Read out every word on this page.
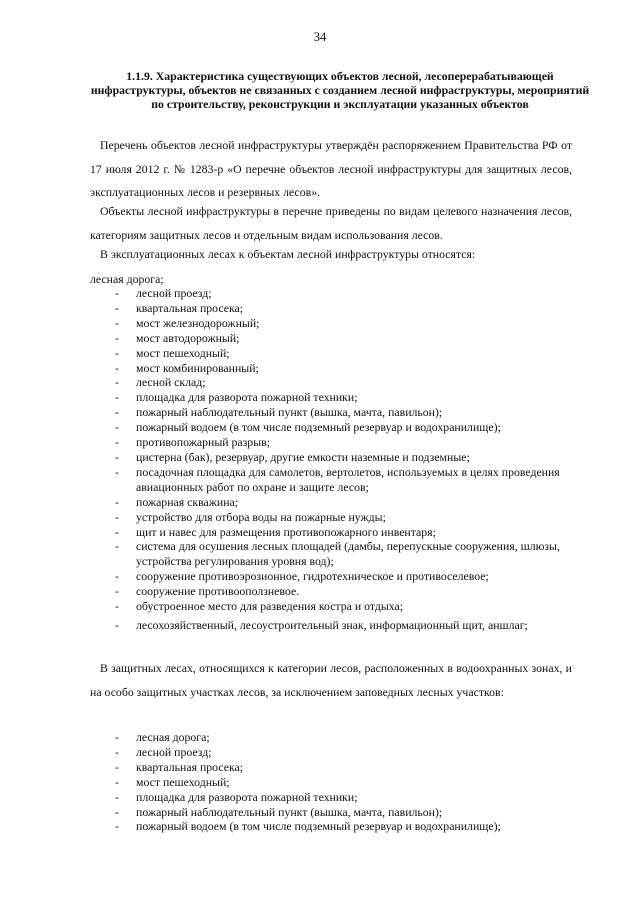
34
1.1.9. Характеристика существующих объектов лесной, лесоперерабатывающей инфраструктуры, объектов не связанных с созданием лесной инфраструктуры, мероприятий по строительству, реконструкции и эксплуатации указанных объектов
Перечень объектов лесной инфраструктуры утверждён распоряжением Правительства РФ от 17 июля 2012 г. № 1283-р «О перечне объектов лесной инфраструктуры для защитных лесов, эксплуатационных лесов и резервных лесов».
Объекты лесной инфраструктуры в перечне приведены по видам целевого назначения лесов, категориям защитных лесов и отдельным видам использования лесов.
В эксплуатационных лесах к объектам лесной инфраструктуры относятся:
лесная дорога;
- лесной проезд;
- квартальная просека;
- мост железнодорожный;
- мост автодорожный;
- мост пешеходный;
- мост комбинированный;
- лесной склад;
- площадка для разворота пожарной техники;
- пожарный наблюдательный пункт (вышка, мачта, павильон);
- пожарный водоем (в том числе подземный резервуар и водохранилище);
- противопожарный разрыв;
- цистерна (бак), резервуар, другие емкости наземные и подземные;
- посадочная площадка для самолетов, вертолетов, используемых в целях проведения авиационных работ по охране и защите лесов;
- пожарная скважина;
- устройство для отбора воды на пожарные нужды;
- щит и навес для размещения противопожарного инвентаря;
- система для осушения лесных площадей (дамбы, перепускные сооружения, шлюзы, устройства регулирования уровня вод);
- сооружение противоэрозионное, гидротехническое и противоселевое;
- сооружение противооползневое.
- обустроенное место для разведения костра и отдыха;
- лесохозяйственный, лесоустроительный знак, информационный щит, аншлаг;
В защитных лесах, относящихся к категории лесов, расположенных в водоохранных зонах, и на особо защитных участках лесов, за исключением заповедных лесных участков:
- лесная дорога;
- лесной проезд;
- квартальная просека;
- мост пешеходный;
- площадка для разворота пожарной техники;
- пожарный наблюдательный пункт (вышка, мачта, павильон);
- пожарный водоем (в том числе подземный резервуар и водохранилище);
